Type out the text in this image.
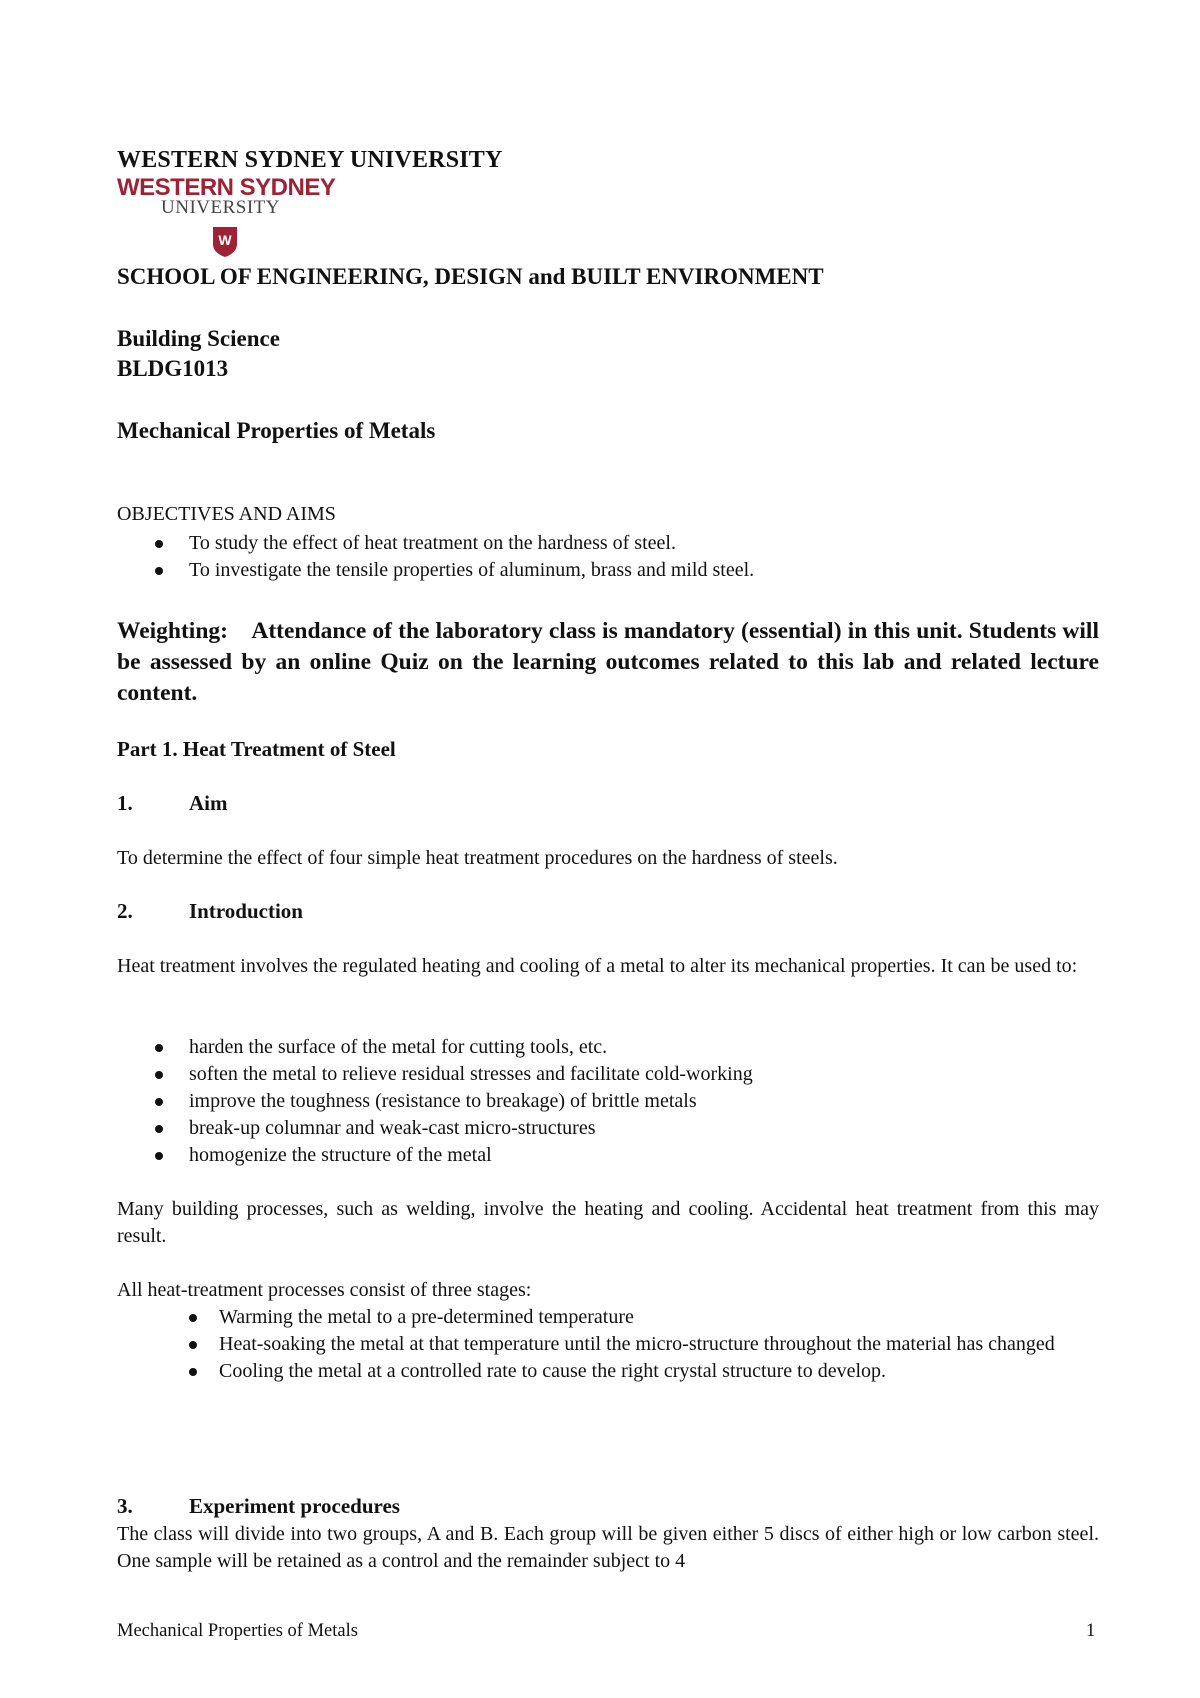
WESTERN SYDNEY UNIVERSITY

WESTERN SYDNEY
UNIVERSITY
W

SCHOOL OF ENGINEERING, DESIGN and BUILT ENVIRONMENT

Building Science
BLDG1013

Mechanical Properties of Metals

OBJECTIVES AND AIMS

To study the effect of heat treatment on the hardness of steel.
To investigate the tensile properties of aluminum, brass and mild steel.

Weighting: Attendance of the laboratory class is mandatory (essential) in this unit. Students will be assessed by an online Quiz on the learning outcomes related to this lab and related lecture content.

Part 1. Heat Treatment of Steel

1.	Aim

To determine the effect of four simple heat treatment procedures on the hardness of steels.

2.	Introduction

Heat treatment involves the regulated heating and cooling of a metal to alter its mechanical properties. It can be used to:

harden the surface of the metal for cutting tools, etc.
soften the metal to relieve residual stresses and facilitate cold-working
improve the toughness (resistance to breakage) of brittle metals
break-up columnar and weak-cast micro-structures
homogenize the structure of the metal

Many building processes, such as welding, involve the heating and cooling. Accidental heat treatment from this may result.

All heat-treatment processes consist of three stages:

Warming the metal to a pre-determined temperature
Heat-soaking the metal at that temperature until the micro-structure throughout the material has changed
Cooling the metal at a controlled rate to cause the right crystal structure to develop.

3.	Experiment procedures

The class will divide into two groups, A and B. Each group will be given either 5 discs of either high or low carbon steel. One sample will be retained as a control and the remainder subject to 4

Mechanical Properties of Metals	1
